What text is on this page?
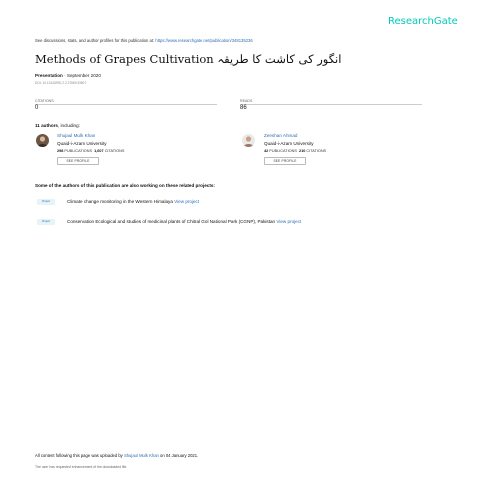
ResearchGate
See discussions, stats, and author profiles for this publication at: https://www.researchgate.net/publication/348135236
Methods of Grapes Cultivation انگور کی کاشت کا طریقہ
Presentation · September 2020
DOI: 10.13140/RG.2.2.27669.33607
CITATIONS
0
READS
86
11 authors, including:
Shujaul Mulk Khan
Quaid-i-Azam University
298 PUBLICATIONS 1,607 CITATIONS
SEE PROFILE
Zeeshan Ahmad
Quaid-i-Azam University
42 PUBLICATIONS 210 CITATIONS
SEE PROFILE
Some of the authors of this publication are also working on these related projects:
Project	Climate change monitoring in the Western Himalaya View project
Project	Conservation Ecological and studies of medicinal plants of Chitral Gol National Park (CGNP), Pakistan View project
All content following this page was uploaded by Shujaul Mulk Khan on 04 January 2021.
The user has requested enhancement of the downloaded file.
